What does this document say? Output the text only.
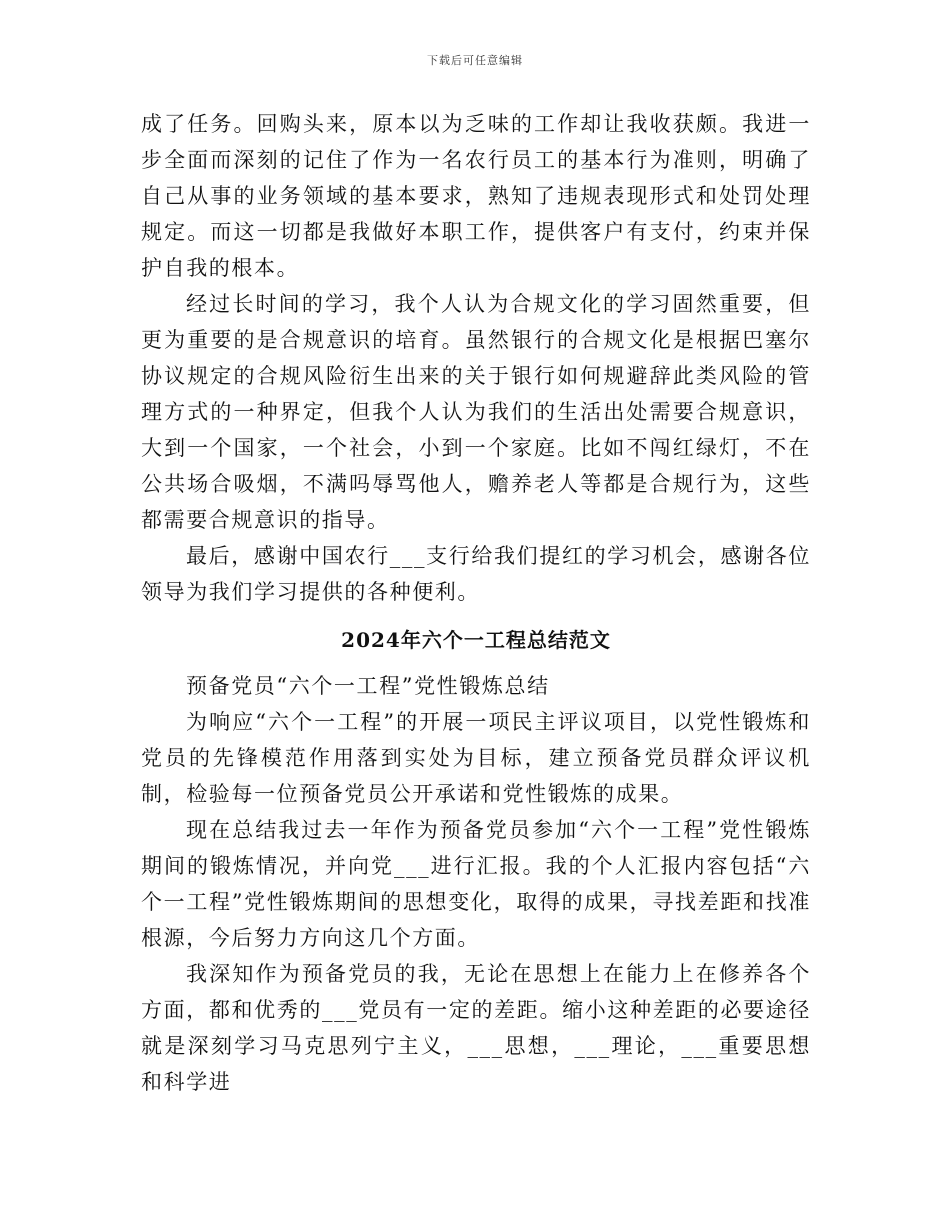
下载后可任意编辑

成了任务。回购头来，原本以为乏味的工作却让我收获颇。我进一步全面而深刻的记住了作为一名农行员工的基本行为准则，明确了自己从事的业务领域的基本要求，熟知了违规表现形式和处罚处理规定。而这一切都是我做好本职工作，提供客户有支付，约束并保护自我的根本。

经过长时间的学习，我个人认为合规文化的学习固然重要，但更为重要的是合规意识的培育。虽然银行的合规文化是根据巴塞尔协议规定的合规风险衍生出来的关于银行如何规避辞此类风险的管理方式的一种界定，但我个人认为我们的生活出处需要合规意识，大到一个国家，一个社会，小到一个家庭。比如不闯红绿灯，不在公共场合吸烟，不满吗辱骂他人，赡养老人等都是合规行为，这些都需要合规意识的指导。

最后，感谢中国农行___支行给我们提红的学习机会，感谢各位领导为我们学习提供的各种便利。

2024年六个一工程总结范文

预备党员“六个一工程”党性锻炼总结

为响应“六个一工程”的开展一项民主评议项目，以党性锻炼和党员的先锋模范作用落到实处为目标，建立预备党员群众评议机制，检验每一位预备党员公开承诺和党性锻炼的成果。

现在总结我过去一年作为预备党员参加“六个一工程”党性锻炼期间的锻炼情况，并向党___进行汇报。我的个人汇报内容包括“六个一工程”党性锻炼期间的思想变化，取得的成果，寻找差距和找准根源，今后努力方向这几个方面。

我深知作为预备党员的我，无论在思想上在能力上在修养各个方面，都和优秀的___党员有一定的差距。缩小这种差距的必要途径就是深刻学习马克思列宁主义，___思想，___理论，___重要思想和科学进
